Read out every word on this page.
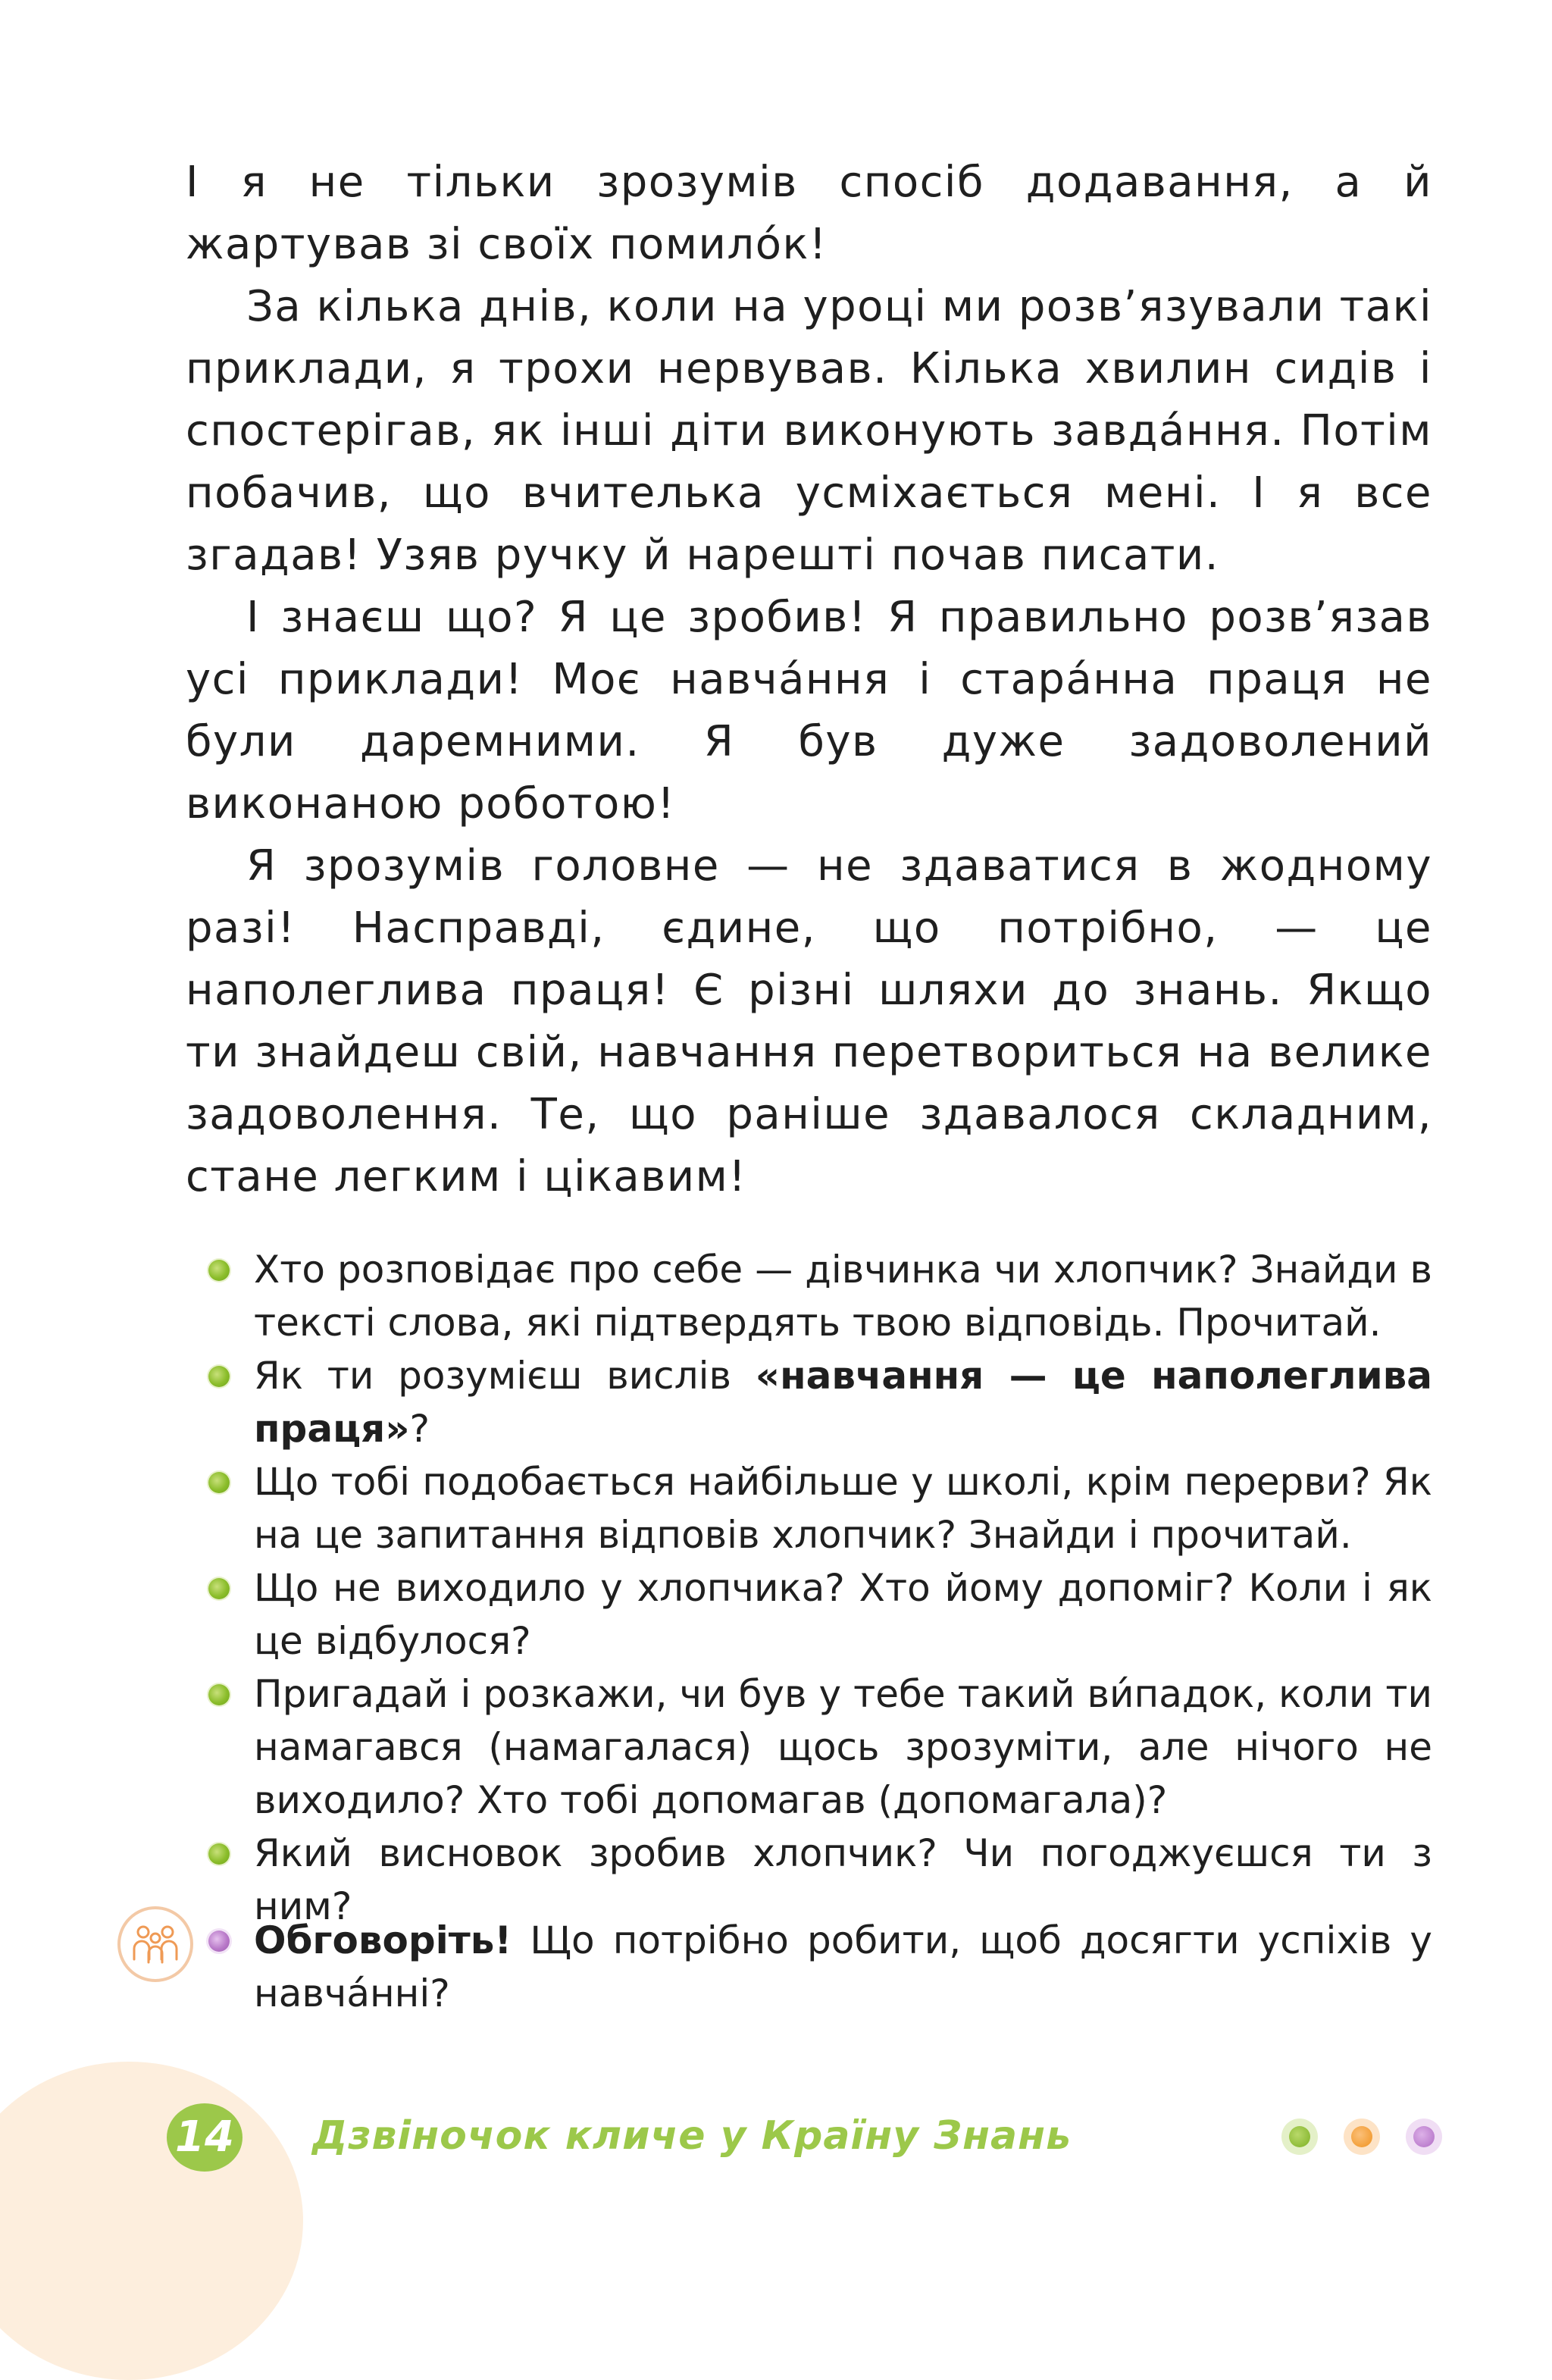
І я не тільки зрозумів спосіб додавання, а й жартував зі своїх помило́к!

За кілька днів, коли на уроці ми розв’язували такі приклади, я трохи нервував. Кілька хвилин сидів і спостерігав, як інші діти виконують завда́ння. Потім побачив, що вчителька усміхається мені. І я все згадав! Узяв ручку й нарешті почав писати.

І знаєш що? Я це зробив! Я правильно розв’язав усі приклади! Моє навча́ння і стара́нна праця не були даремними. Я був дуже задоволений виконаною роботою!

Я зрозумів головне — не здаватися в жодному разі! Насправді, єдине, що потрібно, — це наполеглива праця! Є різні шляхи до знань. Якщо ти знайдеш свій, навчання перетвориться на велике задоволення. Те, що раніше здавалося складним, стане легким і цікавим!

Хто розповідає про себе — дівчинка чи хлопчик? Знайди в тексті слова, які підтвердять твою відповідь. Прочитай.

Як ти розумієш вислів «навчання — це наполеглива праця»?

Що тобі подобається найбільше у школі, крім перерви? Як на це запитання відповів хлопчик? Знайди і прочитай.

Що не виходило у хлопчика? Хто йому допоміг? Коли і як це відбулося?

Пригадай і розкажи, чи був у тебе такий ви́падок, коли ти намагався (намагалася) щось зрозуміти, але нічого не виходило? Хто тобі допомагав (допомагала)?

Який висновок зробив хлопчик? Чи погоджуєшся ти з ним?

Обговоріть! Що потрібно робити, щоб досягти успіхів у навча́нні?

14 Дзвіночок кличе у Країну Знань
